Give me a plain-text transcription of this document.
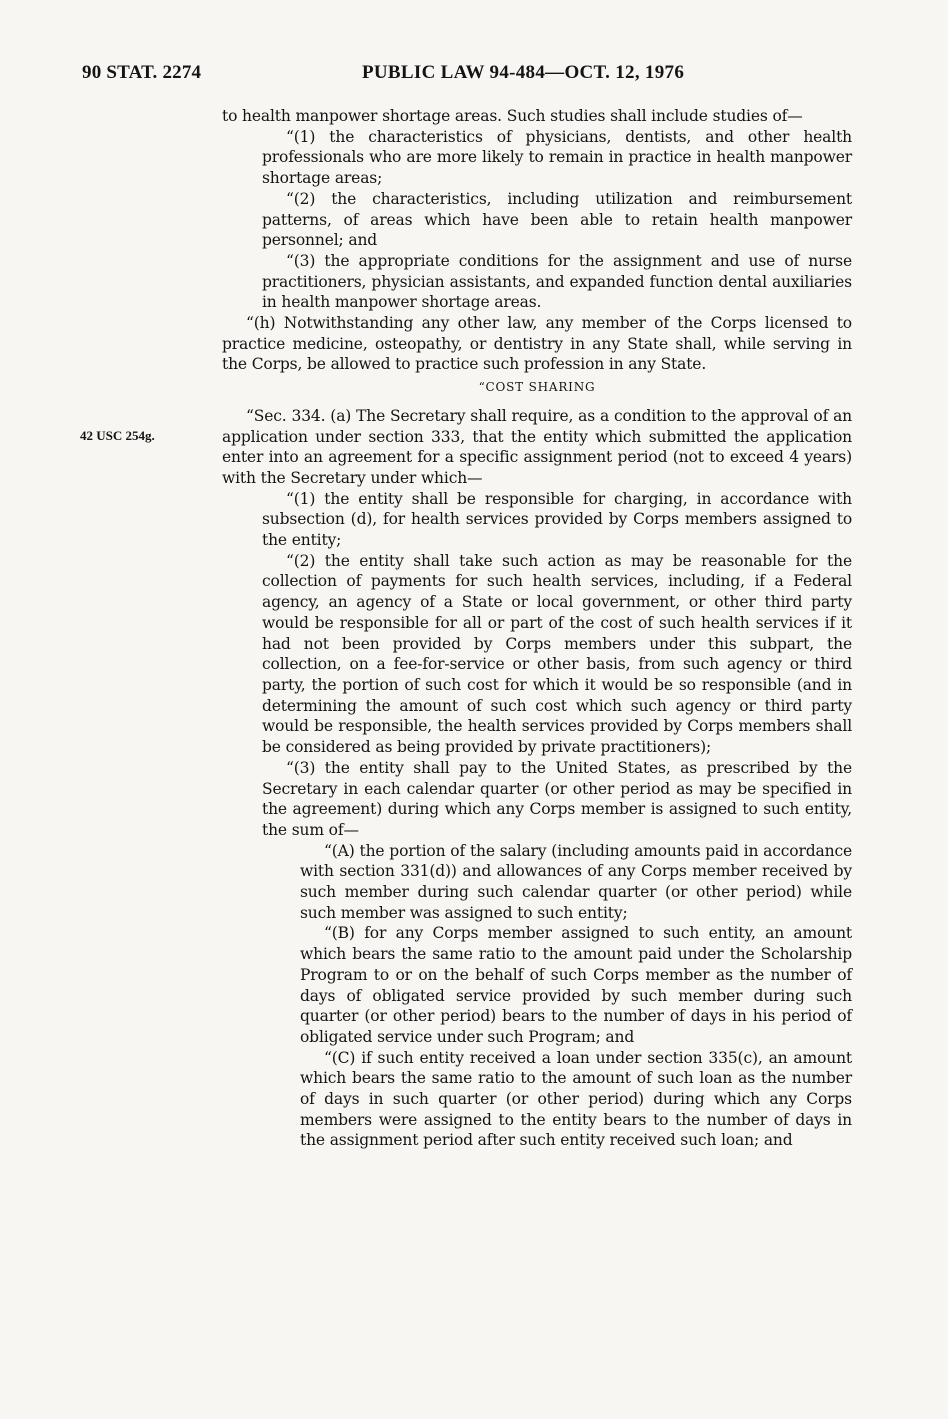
90 STAT. 2274	PUBLIC LAW 94-484—OCT. 12, 1976
42 USC 254g.

to health manpower shortage areas. Such studies shall include studies of—

“(1) the characteristics of physicians, dentists, and other health professionals who are more likely to remain in practice in health manpower shortage areas;

“(2) the characteristics, including utilization and reimbursement patterns, of areas which have been able to retain health manpower personnel; and

“(3) the appropriate conditions for the assignment and use of nurse practitioners, physician assistants, and expanded function dental auxiliaries in health manpower shortage areas.

“(h) Notwithstanding any other law, any member of the Corps licensed to practice medicine, osteopathy, or dentistry in any State shall, while serving in the Corps, be allowed to practice such profession in any State.

“COST SHARING

“Sec. 334. (a) The Secretary shall require, as a condition to the approval of an application under section 333, that the entity which submitted the application enter into an agreement for a specific assignment period (not to exceed 4 years) with the Secretary under which—

“(1) the entity shall be responsible for charging, in accordance with subsection (d), for health services provided by Corps members assigned to the entity;

“(2) the entity shall take such action as may be reasonable for the collection of payments for such health services, including, if a Federal agency, an agency of a State or local government, or other third party would be responsible for all or part of the cost of such health services if it had not been provided by Corps members under this subpart, the collection, on a fee-for-service or other basis, from such agency or third party, the portion of such cost for which it would be so responsible (and in determining the amount of such cost which such agency or third party would be responsible, the health services provided by Corps members shall be considered as being provided by private practitioners);

“(3) the entity shall pay to the United States, as prescribed by the Secretary in each calendar quarter (or other period as may be specified in the agreement) during which any Corps member is assigned to such entity, the sum of—

“(A) the portion of the salary (including amounts paid in accordance with section 331(d)) and allowances of any Corps member received by such member during such calendar quarter (or other period) while such member was assigned to such entity;

“(B) for any Corps member assigned to such entity, an amount which bears the same ratio to the amount paid under the Scholarship Program to or on the behalf of such Corps member as the number of days of obligated service provided by such member during such quarter (or other period) bears to the number of days in his period of obligated service under such Program; and

“(C) if such entity received a loan under section 335(c), an amount which bears the same ratio to the amount of such loan as the number of days in such quarter (or other period) during which any Corps members were assigned to the entity bears to the number of days in the assignment period after such entity received such loan; and
